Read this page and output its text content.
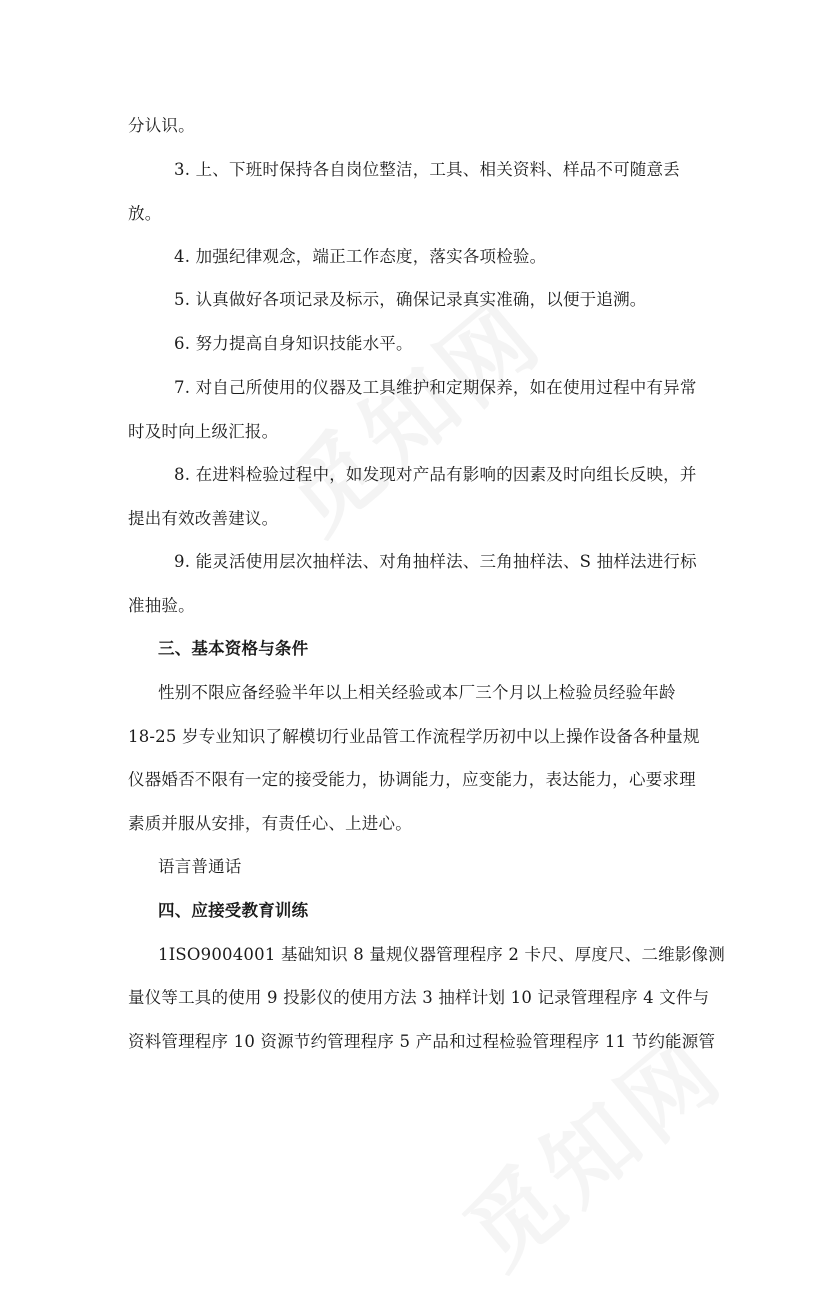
分认识。
3. 上、下班时保持各自岗位整洁，工具、相关资料、样品不可随意丢
放。
4. 加强纪律观念，端正工作态度，落实各项检验。
5. 认真做好各项记录及标示，确保记录真实准确，以便于追溯。
6. 努力提高自身知识技能水平。
7. 对自己所使用的仪器及工具维护和定期保养，如在使用过程中有异常
时及时向上级汇报。
8. 在进料检验过程中，如发现对产品有影响的因素及时向组长反映，并
提出有效改善建议。
9. 能灵活使用层次抽样法、对角抽样法、三角抽样法、S 抽样法进行标
准抽验。
三、基本资格与条件
性别不限应备经验半年以上相关经验或本厂三个月以上检验员经验年龄
18-25 岁专业知识了解模切行业品管工作流程学历初中以上操作设备各种量规
仪器婚否不限有一定的接受能力，协调能力，应变能力，表达能力，心要求理
素质并服从安排，有责任心、上进心。
语言普通话
四、应接受教育训练
1ISO9004001 基础知识 8 量规仪器管理程序 2 卡尺、厚度尺、二维影像测
量仪等工具的使用 9 投影仪的使用方法 3 抽样计划 10 记录管理程序 4 文件与
资料管理程序 10 资源节约管理程序 5 产品和过程检验管理程序 11 节约能源管
